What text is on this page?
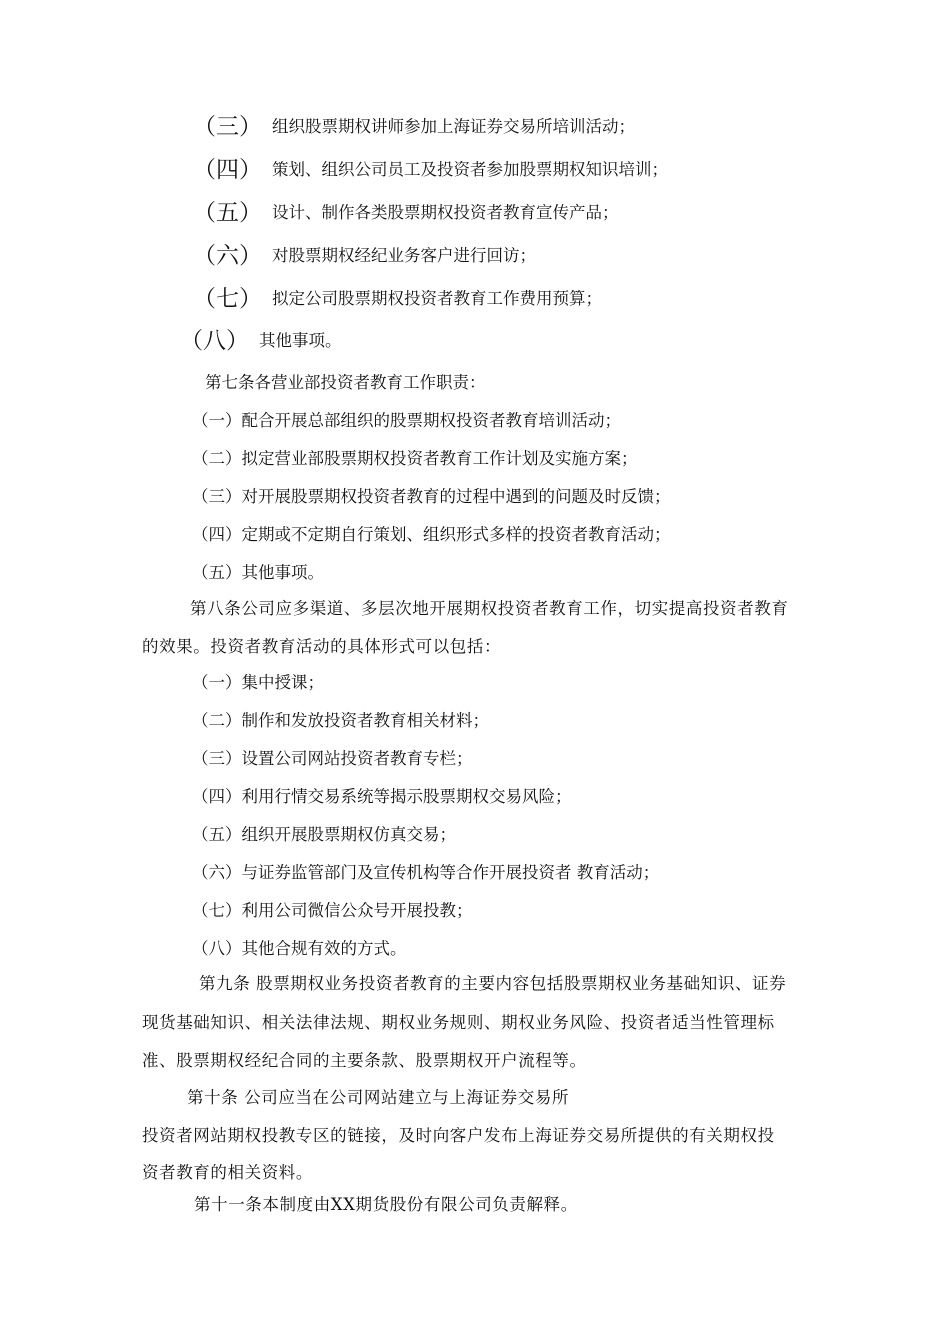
（三） 组织股票期权讲师参加上海证券交易所培训活动；
（四） 策划、组织公司员工及投资者参加股票期权知识培训；
（五） 设计、制作各类股票期权投资者教育宣传产品；
（六） 对股票期权经纪业务客户进行回访；
（七） 拟定公司股票期权投资者教育工作费用预算；
（八） 其他事项。
第七条各营业部投资者教育工作职责：
（一）配合开展总部组织的股票期权投资者教育培训活动；
（二）拟定营业部股票期权投资者教育工作计划及实施方案；
（三）对开展股票期权投资者教育的过程中遇到的问题及时反馈；
（四）定期或不定期自行策划、组织形式多样的投资者教育活动；
（五）其他事项。
第八条公司应多渠道、多层次地开展期权投资者教育工作，切实提高投资者教育
的效果。投资者教育活动的具体形式可以包括：
（一）集中授课；
（二）制作和发放投资者教育相关材料；
（三）设置公司网站投资者教育专栏；
（四）利用行情交易系统等揭示股票期权交易风险；
（五）组织开展股票期权仿真交易；
（六）与证券监管部门及宣传机构等合作开展投资者 教育活动；
（七）利用公司微信公众号开展投教；
（八）其他合规有效的方式。
第九条 股票期权业务投资者教育的主要内容包括股票期权业务基础知识、证券
现货基础知识、相关法律法规、期权业务规则、期权业务风险、投资者适当性管理标
准、股票期权经纪合同的主要条款、股票期权开户流程等。
第十条 公司应当在公司网站建立与上海证券交易所
投资者网站期权投教专区的链接，及时向客户发布上海证券交易所提供的有关期权投
资者教育的相关资料。
第十一条本制度由XX期货股份有限公司负责解释。
